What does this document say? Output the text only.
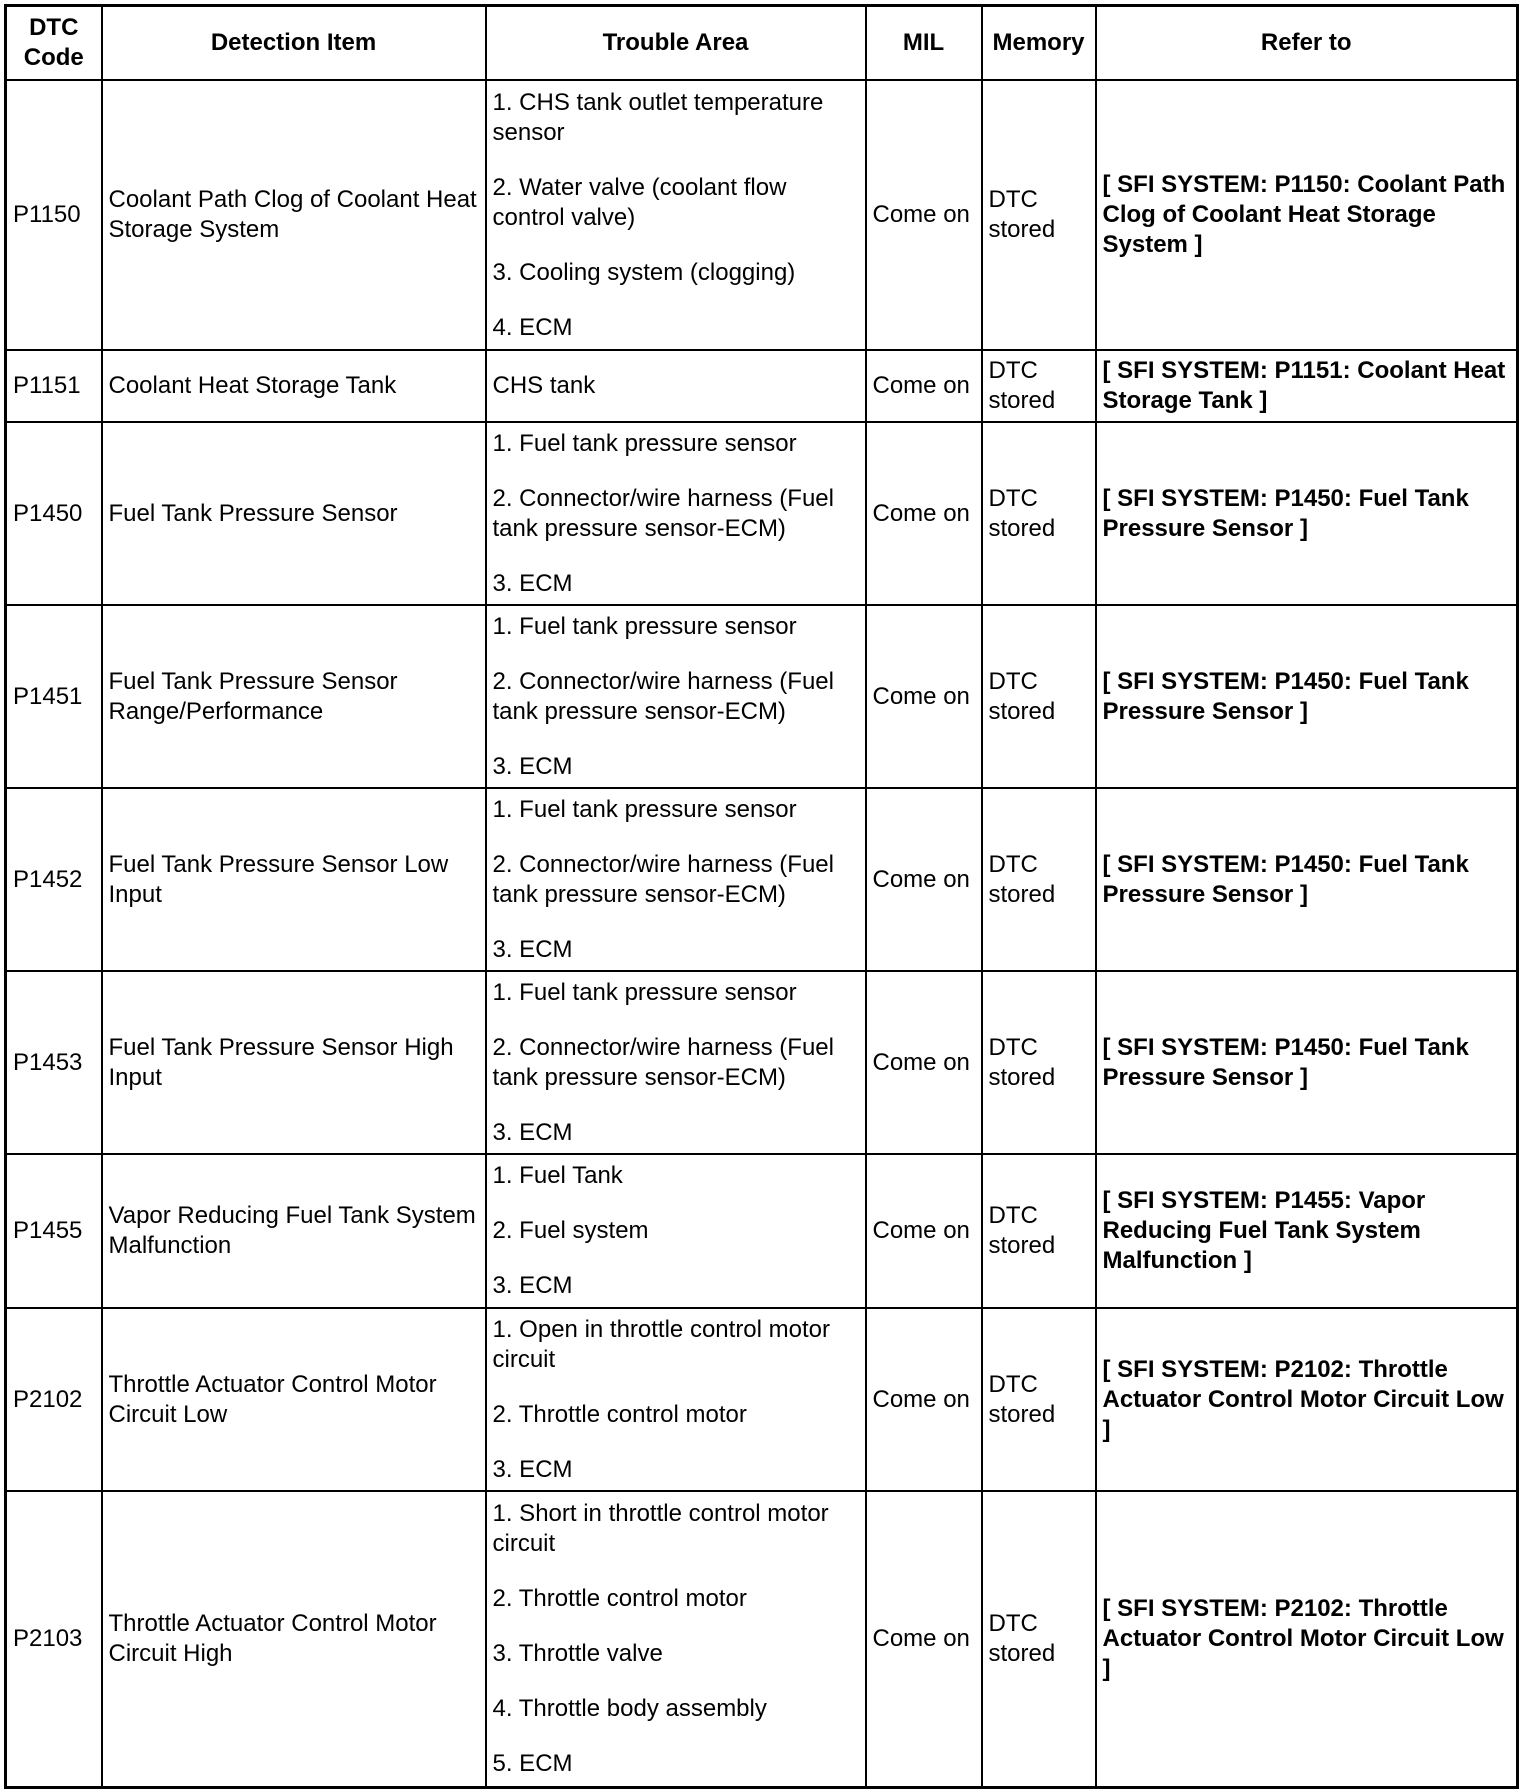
DTC Code	Detection Item	Trouble Area	MIL	Memory	Refer to
P1150	Coolant Path Clog of Coolant Heat Storage System	1. CHS tank outlet temperature sensor
2. Water valve (coolant flow control valve)
3. Cooling system (clogging)
4. ECM	Come on	DTC stored	[ SFI SYSTEM: P1150: Coolant Path Clog of Coolant Heat Storage System ]
P1151	Coolant Heat Storage Tank	CHS tank	Come on	DTC stored	[ SFI SYSTEM: P1151: Coolant Heat Storage Tank ]
P1450	Fuel Tank Pressure Sensor	1. Fuel tank pressure sensor
2. Connector/wire harness (Fuel tank pressure sensor-ECM)
3. ECM	Come on	DTC stored	[ SFI SYSTEM: P1450: Fuel Tank Pressure Sensor ]
P1451	Fuel Tank Pressure Sensor Range/Performance	1. Fuel tank pressure sensor
2. Connector/wire harness (Fuel tank pressure sensor-ECM)
3. ECM	Come on	DTC stored	[ SFI SYSTEM: P1450: Fuel Tank Pressure Sensor ]
P1452	Fuel Tank Pressure Sensor Low Input	1. Fuel tank pressure sensor
2. Connector/wire harness (Fuel tank pressure sensor-ECM)
3. ECM	Come on	DTC stored	[ SFI SYSTEM: P1450: Fuel Tank Pressure Sensor ]
P1453	Fuel Tank Pressure Sensor High Input	1. Fuel tank pressure sensor
2. Connector/wire harness (Fuel tank pressure sensor-ECM)
3. ECM	Come on	DTC stored	[ SFI SYSTEM: P1450: Fuel Tank Pressure Sensor ]
P1455	Vapor Reducing Fuel Tank System Malfunction	1. Fuel Tank
2. Fuel system
3. ECM	Come on	DTC stored	[ SFI SYSTEM: P1455: Vapor Reducing Fuel Tank System Malfunction ]
P2102	Throttle Actuator Control Motor Circuit Low	1. Open in throttle control motor circuit
2. Throttle control motor
3. ECM	Come on	DTC stored	[ SFI SYSTEM: P2102: Throttle Actuator Control Motor Circuit Low ]
P2103	Throttle Actuator Control Motor Circuit High	1. Short in throttle control motor circuit
2. Throttle control motor
3. Throttle valve
4. Throttle body assembly
5. ECM	Come on	DTC stored	[ SFI SYSTEM: P2102: Throttle Actuator Control Motor Circuit Low ]
